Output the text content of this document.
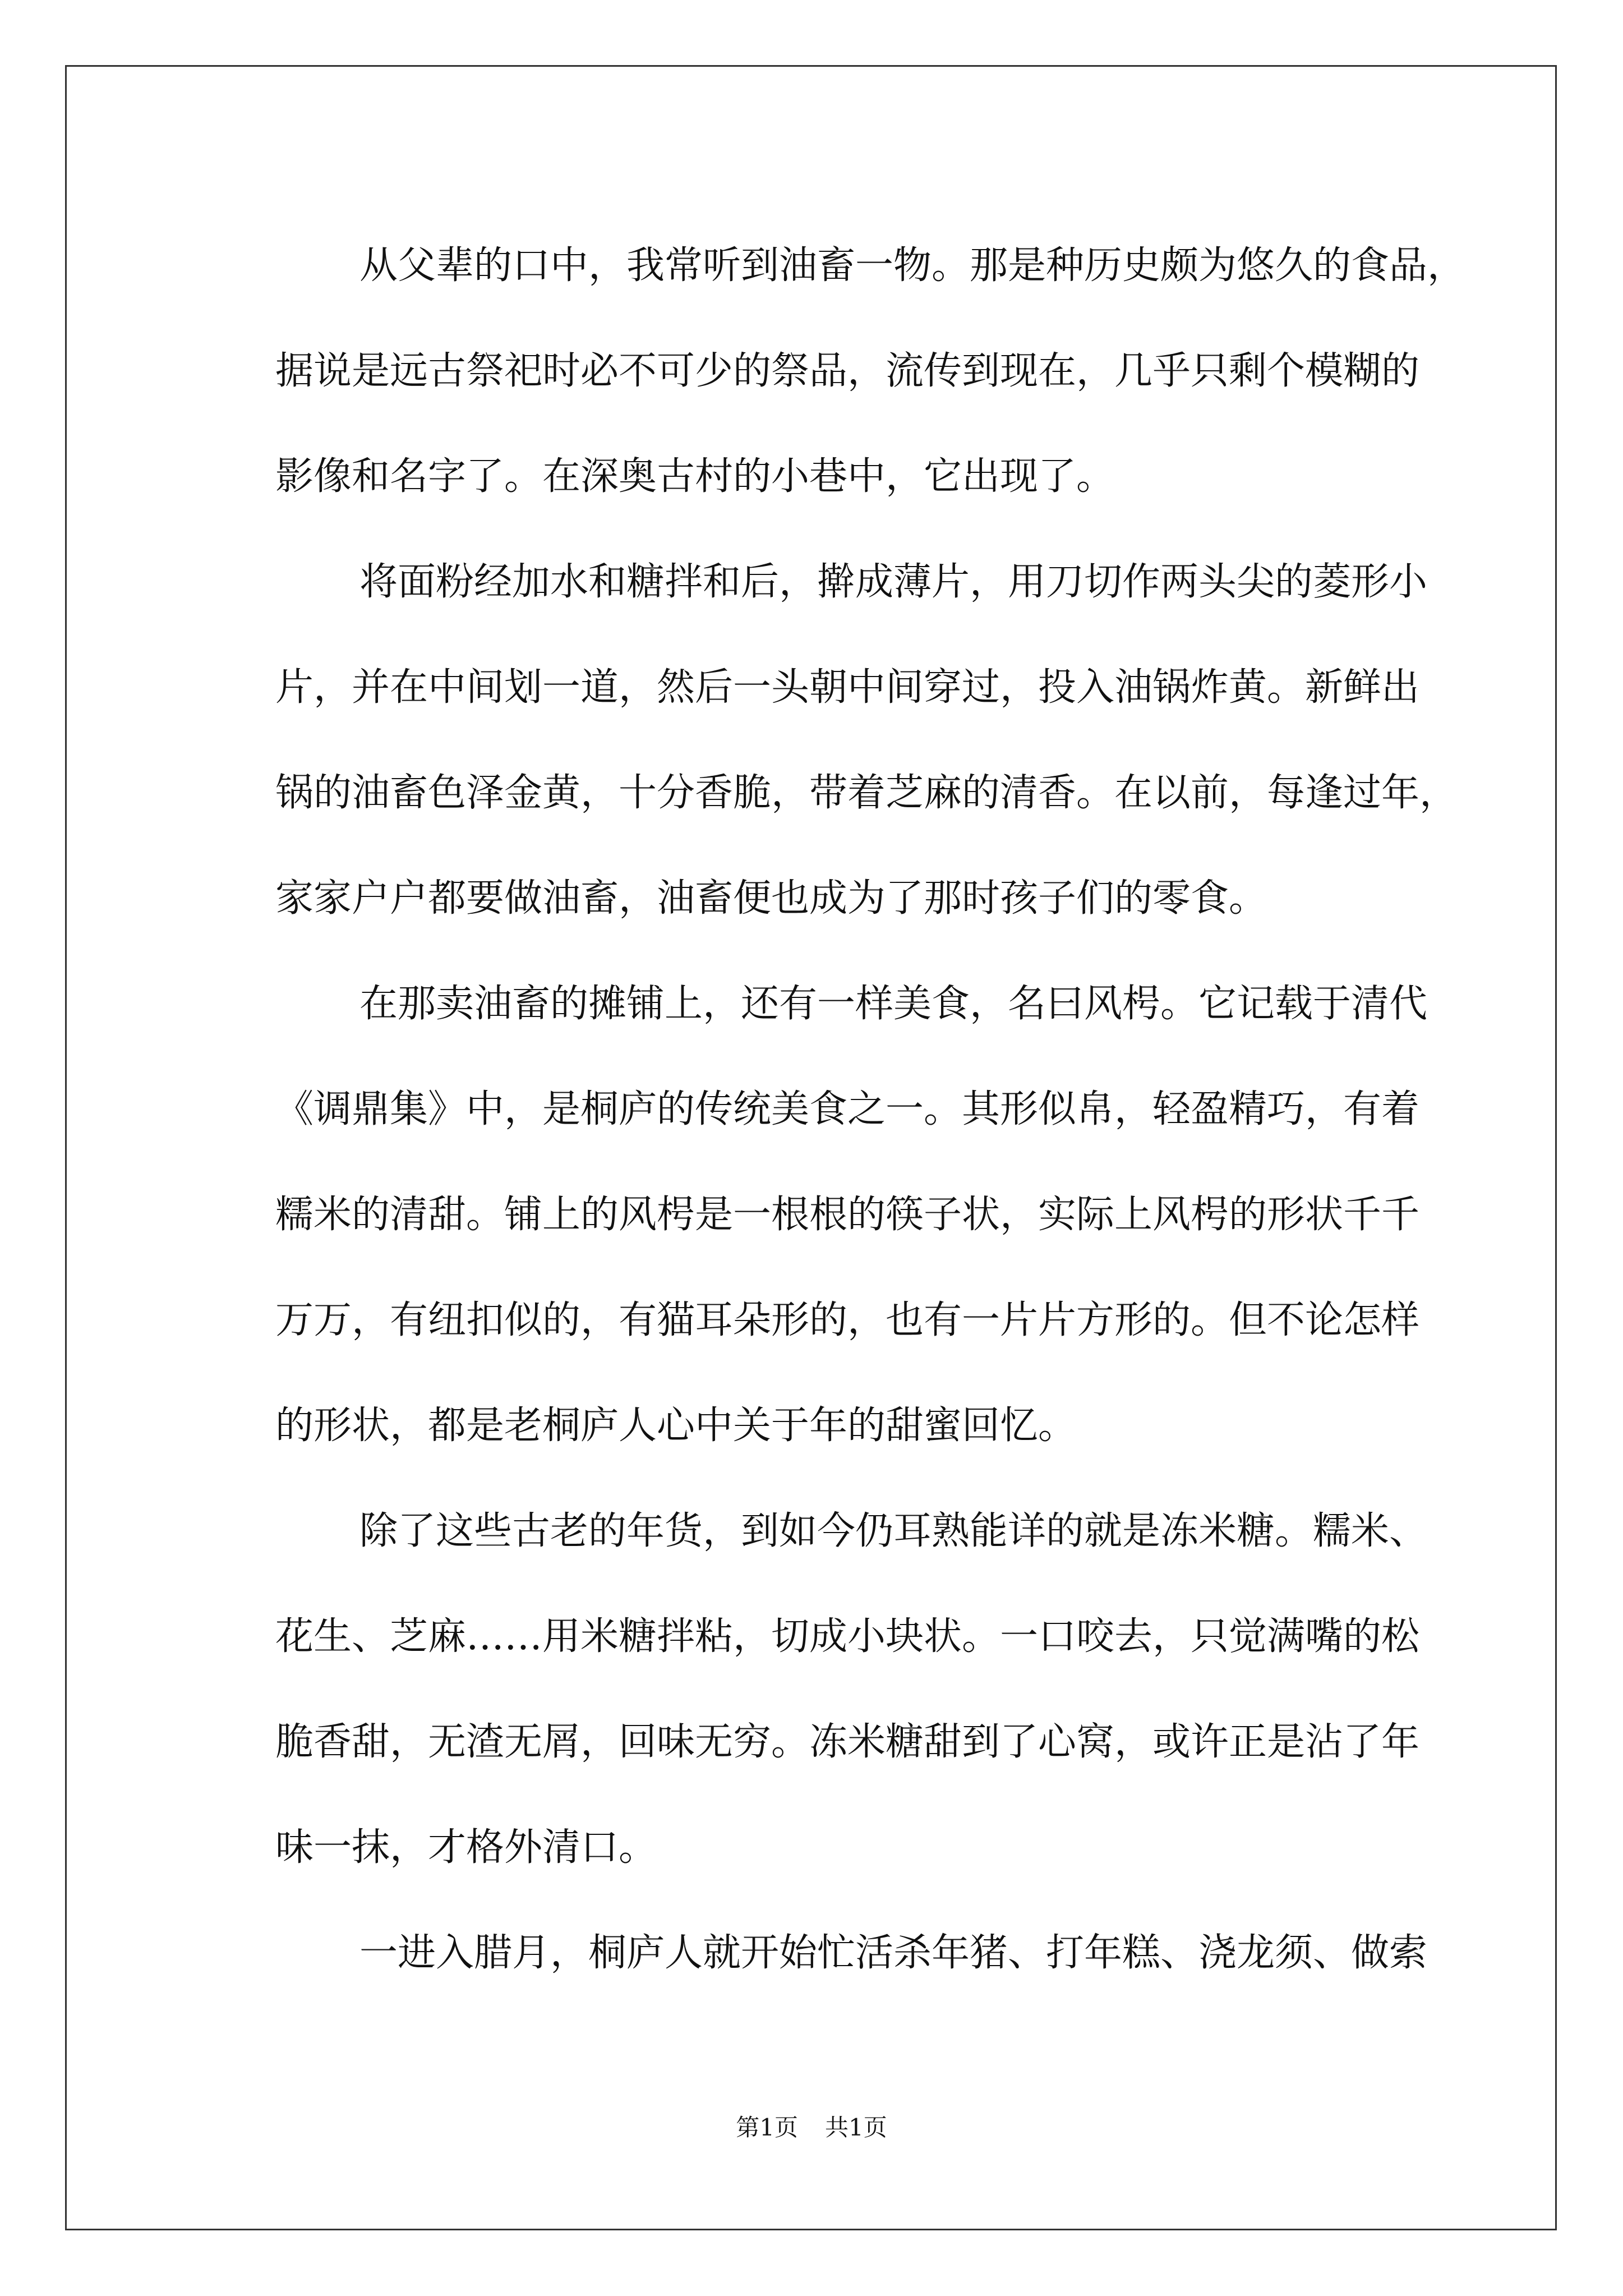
从父辈的口中，我常听到油畜一物。那是种历史颇为悠久的食品，
据说是远古祭祀时必不可少的祭品，流传到现在，几乎只剩个模糊的
影像和名字了。在深奥古村的小巷中，它出现了。
将面粉经加水和糖拌和后，擀成薄片，用刀切作两头尖的菱形小
片，并在中间划一道，然后一头朝中间穿过，投入油锅炸黄。新鲜出
锅的油畜色泽金黄，十分香脆，带着芝麻的清香。在以前，每逢过年，
家家户户都要做油畜，油畜便也成为了那时孩子们的零食。
在那卖油畜的摊铺上，还有一样美食，名曰风枵。它记载于清代
《调鼎集》中，是桐庐的传统美食之一。其形似帛，轻盈精巧，有着
糯米的清甜。铺上的风枵是一根根的筷子状，实际上风枵的形状千千
万万，有纽扣似的，有猫耳朵形的，也有一片片方形的。但不论怎样
的形状，都是老桐庐人心中关于年的甜蜜回忆。
除了这些古老的年货，到如今仍耳熟能详的就是冻米糖。糯米、
花生、芝麻……用米糖拌粘，切成小块状。一口咬去，只觉满嘴的松
脆香甜，无渣无屑，回味无穷。冻米糖甜到了心窝，或许正是沾了年
味一抹，才格外清口。
一进入腊月，桐庐人就开始忙活杀年猪、打年糕、浇龙须、做索
第1页 共1页
